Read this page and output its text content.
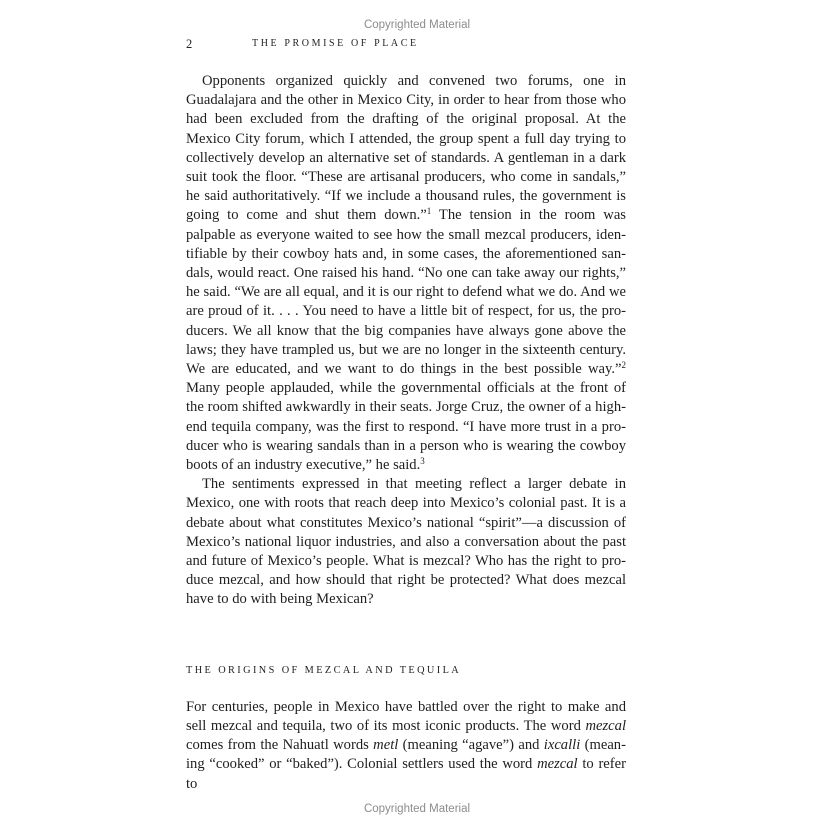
Copyrighted Material
2	THE PROMISE OF PLACE

Opponents organized quickly and convened two forums, one in Guadalajara and the other in Mexico City, in order to hear from those who had been excluded from the drafting of the original proposal. At the Mexico City forum, which I attended, the group spent a full day trying to collectively develop an alternative set of standards. A gentleman in a dark suit took the floor. “These are artisanal producers, who come in sandals,” he said authoritatively. “If we include a thousand rules, the government is going to come and shut them down.”$^1$ The tension in the room was palpable as everyone waited to see how the small mezcal producers, identifiable by their cowboy hats and, in some cases, the aforementioned sandals, would react. One raised his hand. “No one can take away our rights,” he said. “We are all equal, and it is our right to defend what we do. And we are proud of it. . . . You need to have a little bit of respect, for us, the producers. We all know that the big companies have always gone above the laws; they have trampled us, but we are no longer in the sixteenth century. We are educated, and we want to do things in the best possible way.”$^2$ Many people applauded, while the governmental officials at the front of the room shifted awkwardly in their seats. Jorge Cruz, the owner of a highend tequila company, was the first to respond. “I have more trust in a producer who is wearing sandals than in a person who is wearing the cowboy boots of an industry executive,” he said.$^3$

The sentiments expressed in that meeting reflect a larger debate in Mexico, one with roots that reach deep into Mexico’s colonial past. It is a debate about what constitutes Mexico’s national “spirit”—a discussion of Mexico’s national liquor industries, and also a conversation about the past and future of Mexico’s people. What is mezcal? Who has the right to produce mezcal, and how should that right be protected? What does mezcal have to do with being Mexican?

THE ORIGINS OF MEZCAL AND TEQUILA

For centuries, people in Mexico have battled over the right to make and sell mezcal and tequila, two of its most iconic products. The word mezcal comes from the Nahuatl words metl (meaning “agave”) and ixcalli (meaning “cooked” or “baked”). Colonial settlers used the word mezcal to refer to

Copyrighted Material
